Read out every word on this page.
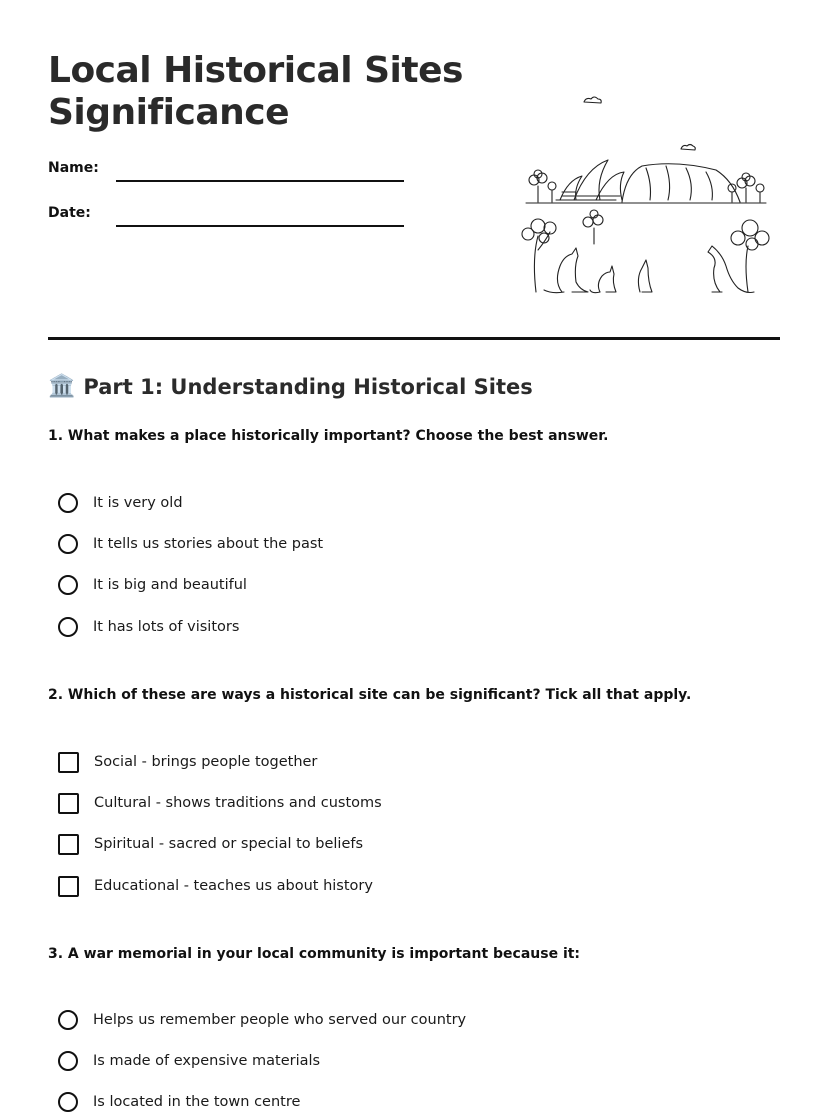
Local Historical Sites
Significance
Name:
Date:
🏛️ Part 1: Understanding Historical Sites

1. What makes a place historically important? Choose the best answer.

It is very old
It tells us stories about the past
It is big and beautiful
It has lots of visitors

2. Which of these are ways a historical site can be significant? Tick all that apply.

Social - brings people together
Cultural - shows traditions and customs
Spiritual - sacred or special to beliefs
Educational - teaches us about history

3. A war memorial in your local community is important because it:

Helps us remember people who served our country
Is made of expensive materials
Is located in the town centre
